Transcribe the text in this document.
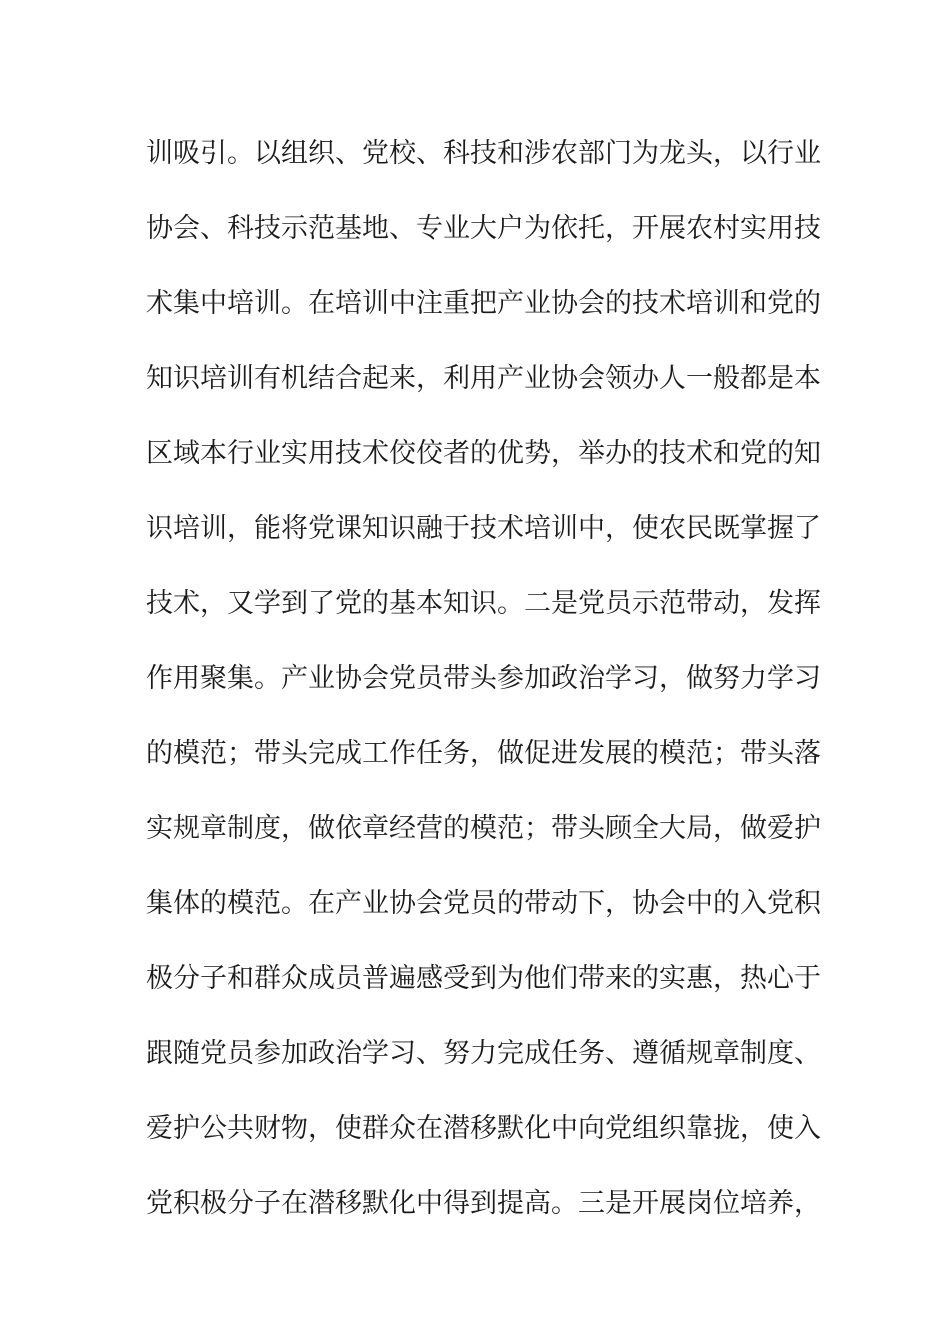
训吸引。以组织、党校、科技和涉农部门为龙头，以行业
协会、科技示范基地、专业大户为依托，开展农村实用技
术集中培训。在培训中注重把产业协会的技术培训和党的
知识培训有机结合起来，利用产业协会领办人一般都是本
区域本行业实用技术佼佼者的优势，举办的技术和党的知
识培训，能将党课知识融于技术培训中，使农民既掌握了
技术，又学到了党的基本知识。二是党员示范带动，发挥
作用聚集。产业协会党员带头参加政治学习，做努力学习
的模范；带头完成工作任务，做促进发展的模范；带头落
实规章制度，做依章经营的模范；带头顾全大局，做爱护
集体的模范。在产业协会党员的带动下，协会中的入党积
极分子和群众成员普遍感受到为他们带来的实惠，热心于
跟随党员参加政治学习、努力完成任务、遵循规章制度、
爱护公共财物，使群众在潜移默化中向党组织靠拢，使入
党积极分子在潜移默化中得到提高。三是开展岗位培养，
